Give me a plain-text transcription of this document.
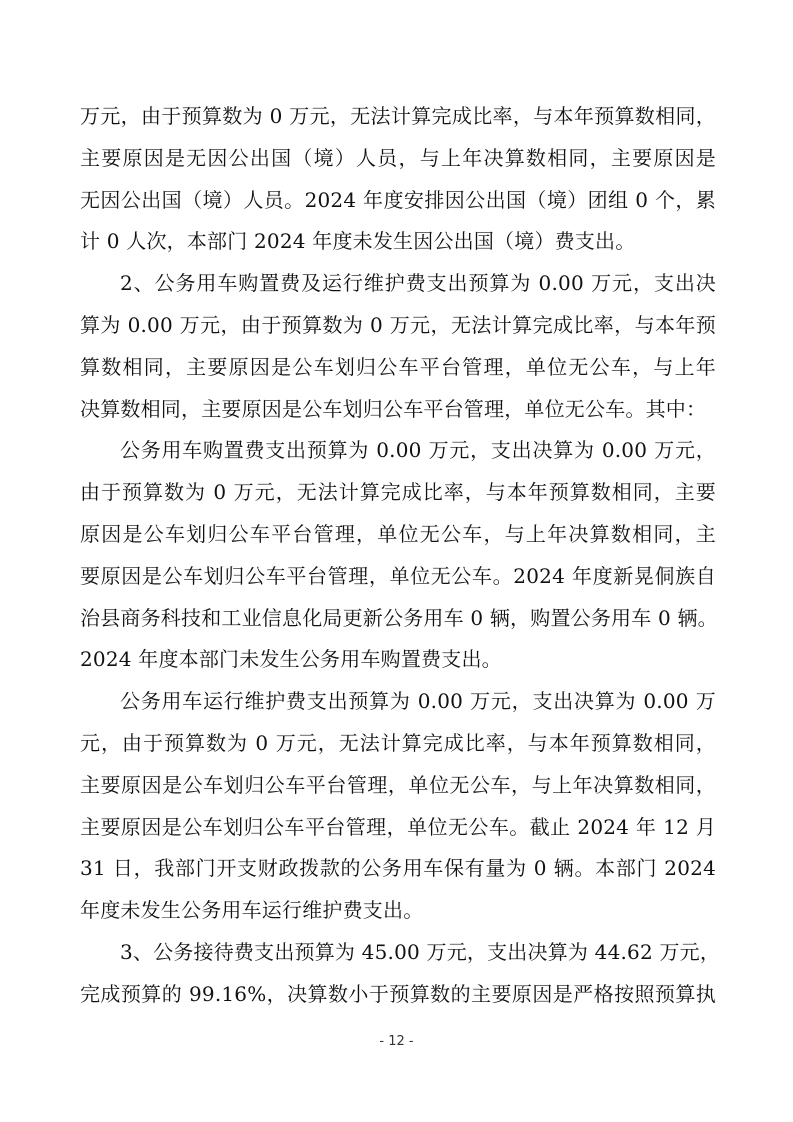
万元，由于预算数为 0 万元，无法计算完成比率，与本年预算数相同，
主要原因是无因公出国（境）人员，与上年决算数相同，主要原因是
无因公出国（境）人员。2024 年度安排因公出国（境）团组 0 个，累
计 0 人次，本部门 2024 年度未发生因公出国（境）费支出。
2、公务用车购置费及运行维护费支出预算为 0.00 万元，支出决
算为 0.00 万元，由于预算数为 0 万元，无法计算完成比率，与本年预
算数相同，主要原因是公车划归公车平台管理，单位无公车，与上年
决算数相同，主要原因是公车划归公车平台管理，单位无公车。其中：
公务用车购置费支出预算为 0.00 万元，支出决算为 0.00 万元，
由于预算数为 0 万元，无法计算完成比率，与本年预算数相同，主要
原因是公车划归公车平台管理，单位无公车，与上年决算数相同，主
要原因是公车划归公车平台管理，单位无公车。2024 年度新晃侗族自
治县商务科技和工业信息化局更新公务用车 0 辆，购置公务用车 0 辆。
2024 年度本部门未发生公务用车购置费支出。
公务用车运行维护费支出预算为 0.00 万元，支出决算为 0.00 万
元，由于预算数为 0 万元，无法计算完成比率，与本年预算数相同，
主要原因是公车划归公车平台管理，单位无公车，与上年决算数相同，
主要原因是公车划归公车平台管理，单位无公车。截止 2024 年 12 月
31 日，我部门开支财政拨款的公务用车保有量为 0 辆。本部门 2024
年度未发生公务用车运行维护费支出。
3、公务接待费支出预算为 45.00 万元，支出决算为 44.62 万元，
完成预算的 99.16%，决算数小于预算数的主要原因是严格按照预算执
- 12 -
